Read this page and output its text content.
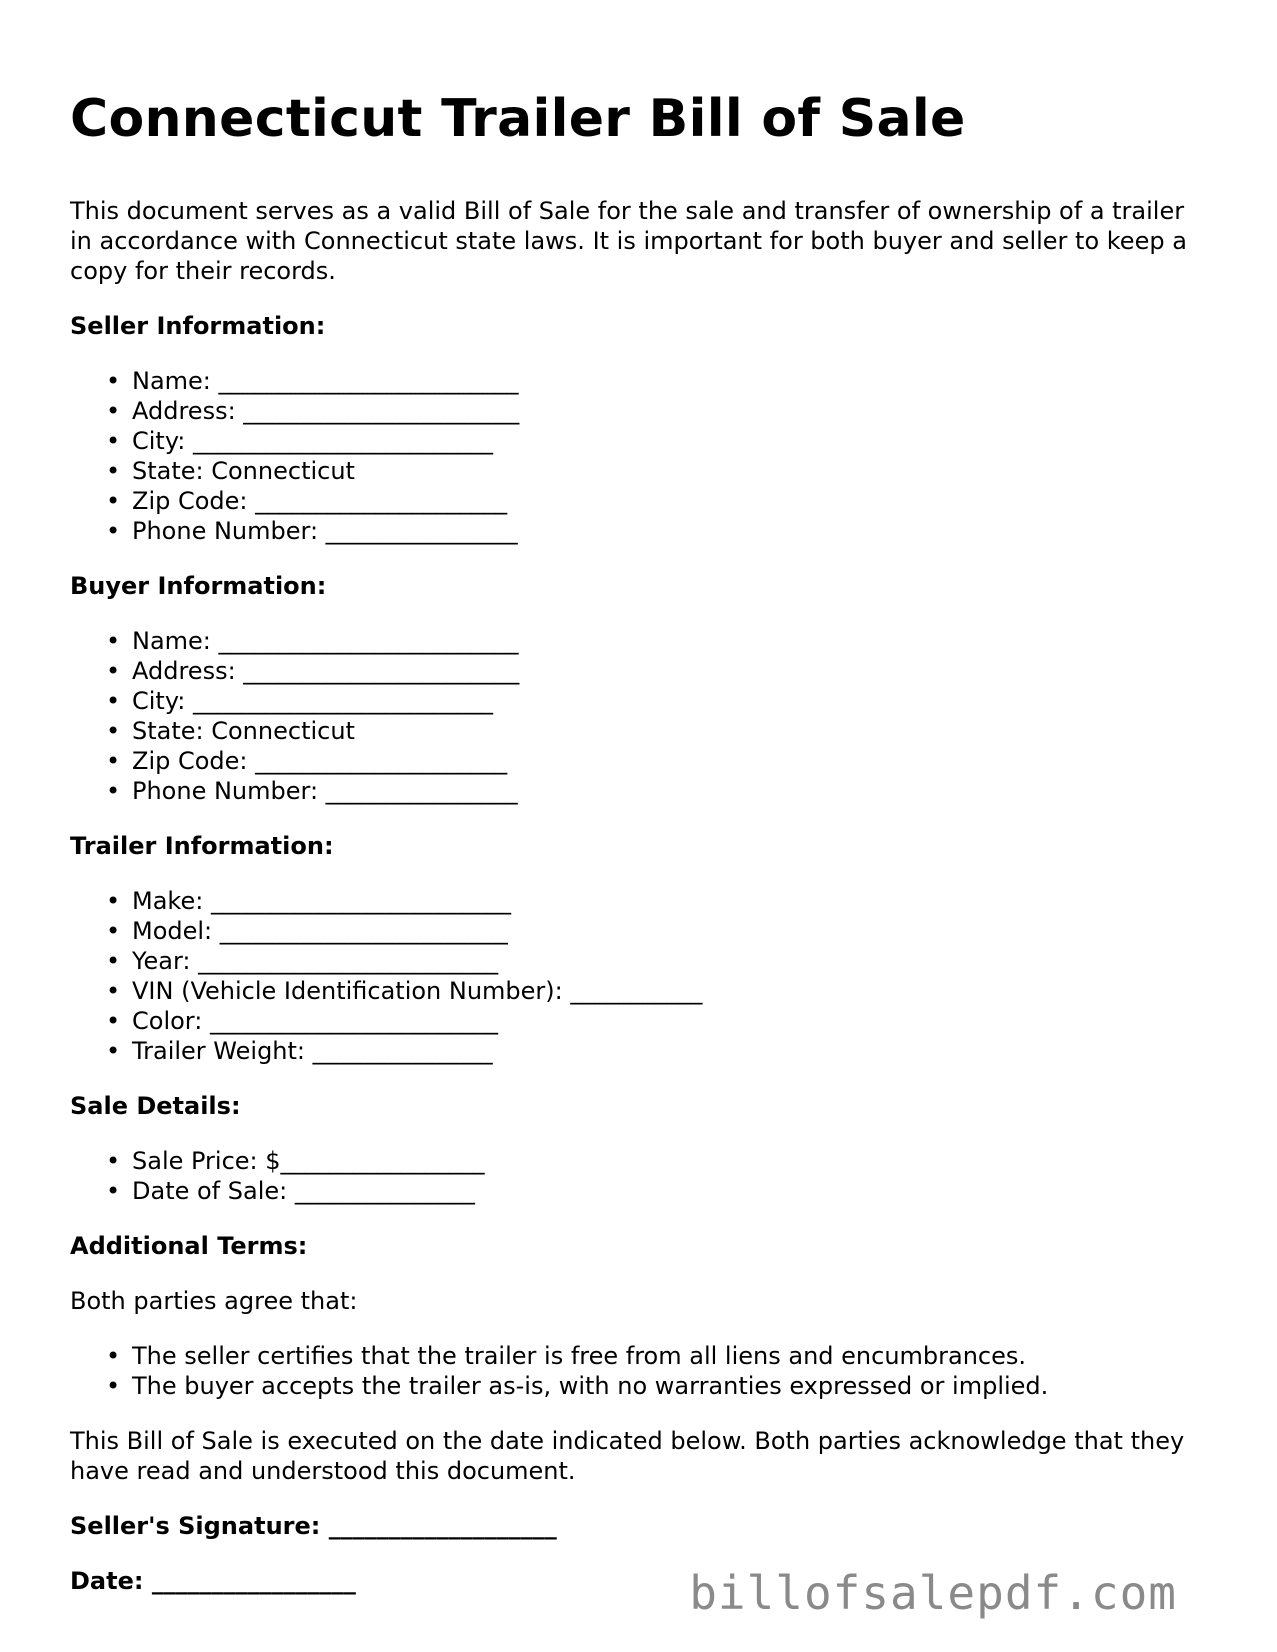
Connecticut Trailer Bill of Sale

This document serves as a valid Bill of Sale for the sale and transfer of ownership of a trailer in accordance with Connecticut state laws. It is important for both buyer and seller to keep a copy for their records.

Seller Information:
• Name: _________________________
• Address: _______________________
• City: _________________________
• State: Connecticut
• Zip Code: _____________________
• Phone Number: ________________
Buyer Information:
• Name: _________________________
• Address: _______________________
• City: _________________________
• State: Connecticut
• Zip Code: _____________________
• Phone Number: ________________
Trailer Information:
• Make: _________________________
• Model: ________________________
• Year: _________________________
• VIN (Vehicle Identification Number): ___________
• Color: ________________________
• Trailer Weight: _______________
Sale Details:
• Sale Price: $_________________
• Date of Sale: _______________
Additional Terms:

Both parties agree that:

• The seller certifies that the trailer is free from all liens and encumbrances.
• The buyer accepts the trailer as-is, with no warranties expressed or implied.

This Bill of Sale is executed on the date indicated below. Both parties acknowledge that they have read and understood this document.

Seller's Signature: ___________________
Date: _________________	billofsalepdf.com
